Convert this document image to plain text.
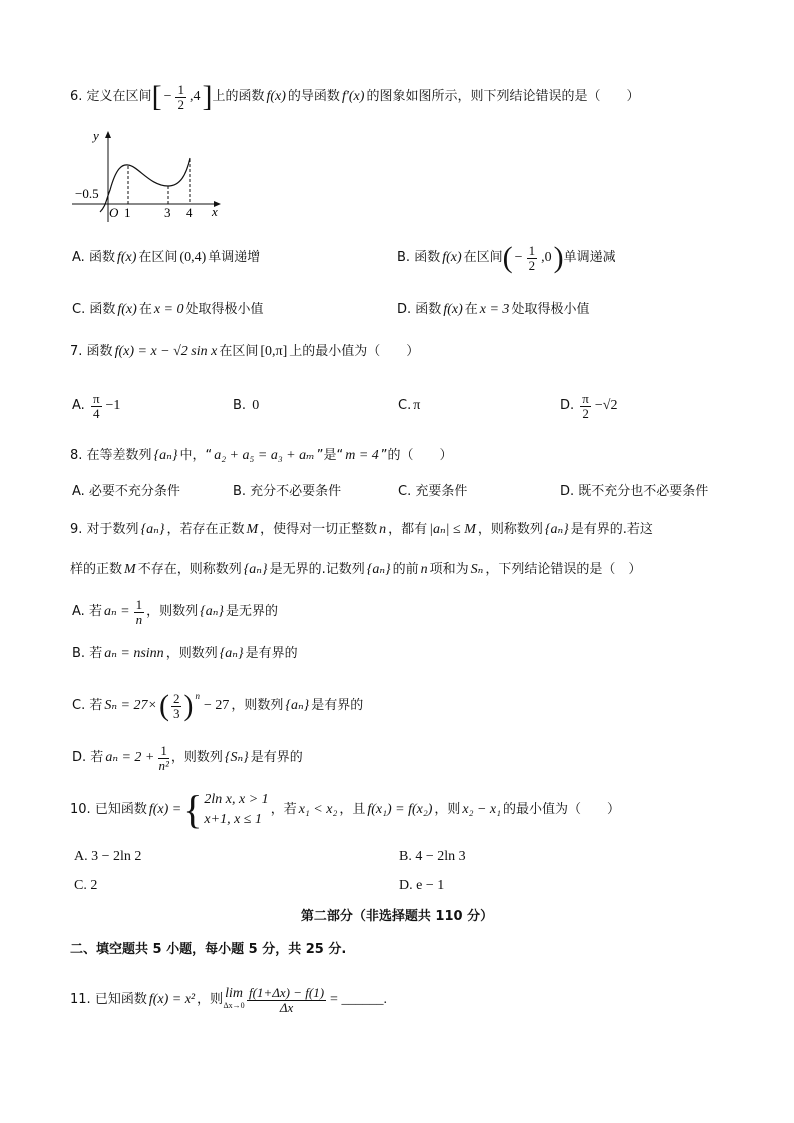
6.
定义在区间 [ − $\frac{1}{2} ,4$ ] 上的函数 f(x) 的导函数 f′(x) 的图象如图所示，则下列结论错误的是（　　）
y
x
−0.5
O 1	3 4
A.
函数 f(x) 在区间 (0,4) 单调递增	B.
函数 f(x) 在区间 ( − $\frac{1}{2} ,0$ ) 单调递减
C.
函数 f(x) 在 x = 0 处取得极小值	D.
函数 f(x) 在 x = 3 处取得极小值
7.
函数 f(x) = x − √2 sin x 在区间 [0,π] 上的最小值为（　　）
A.
$\frac{\pi}{4} -1$	B.
0	C. π	D.
$\frac{\pi}{2} -√2$
8.
在等差数列 {aₙ} 中，“ a₂ + a₅ = a₃ + aₘ ”是“ m = 4 ”的（　　）
A. 必要不充分条件	B. 充分不必要条件	C. 充要条件	D. 既不充分也不必要条件
9.
对于数列 {aₙ} ，若存在正数 M ，使得对一切正整数 n ，都有 |aₙ| ≤ M ，则称数列 {aₙ} 是有界的.若这
样的正数 M 不存在，则称数列 {aₙ} 是无界的.记数列 {aₙ} 的前 n 项和为 Sₙ ，下列结论错误的是（　）
A.
若 $a_n = \frac{1}{n}$ ，则数列 {aₙ} 是无界的
B.
若 aₙ = nsinn ，则数列 {aₙ} 是有界的
C.
若 Sₙ = 27× ( $\frac{2}{3} )^n$
− 27 ，则数列 {aₙ} 是有界的
D.
若 $a_n = 2 + \frac{1}{\text{n²}}$ ，则数列 {Sₙ} 是有界的
10.
已知函数 f(x) = { 2ln x, x > 1
x+1, x ≤ 1
，若 x₁ < x₂ ，且 f(x₁) = f(x₂) ，则 x₂ − x₁ 的最小值为（　　）
A. 3 − 2ln 2	B. 4 − 2ln 3
C. 2	D. e − 1
第二部分（非选择题共 110 分）
二、填空题共 5 小题，每小题 5 分，共 25 分.
11.
已知函数 f(x) = x² ，则 lim
$\Delta x\to 0 \frac{f(1+\Delta x) - f(1)}{\Delta x}$ = ______.
